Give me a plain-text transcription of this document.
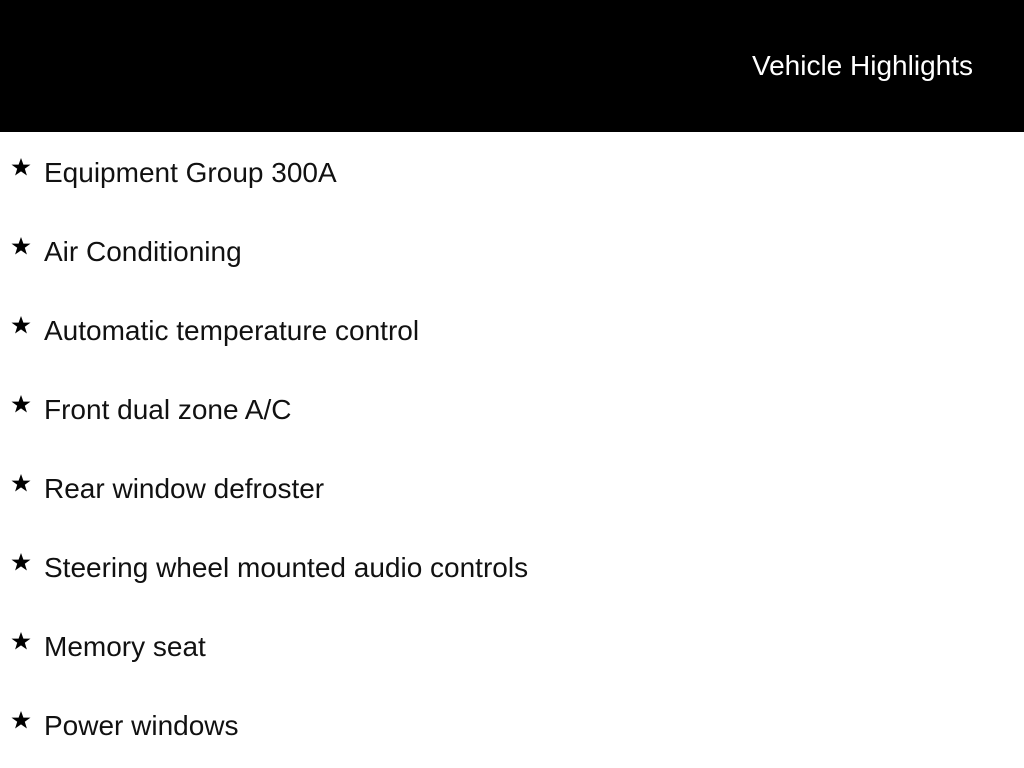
Vehicle Highlights
Equipment Group 300A
Air Conditioning
Automatic temperature control
Front dual zone A/C
Rear window defroster
Steering wheel mounted audio controls
Memory seat
Power windows
